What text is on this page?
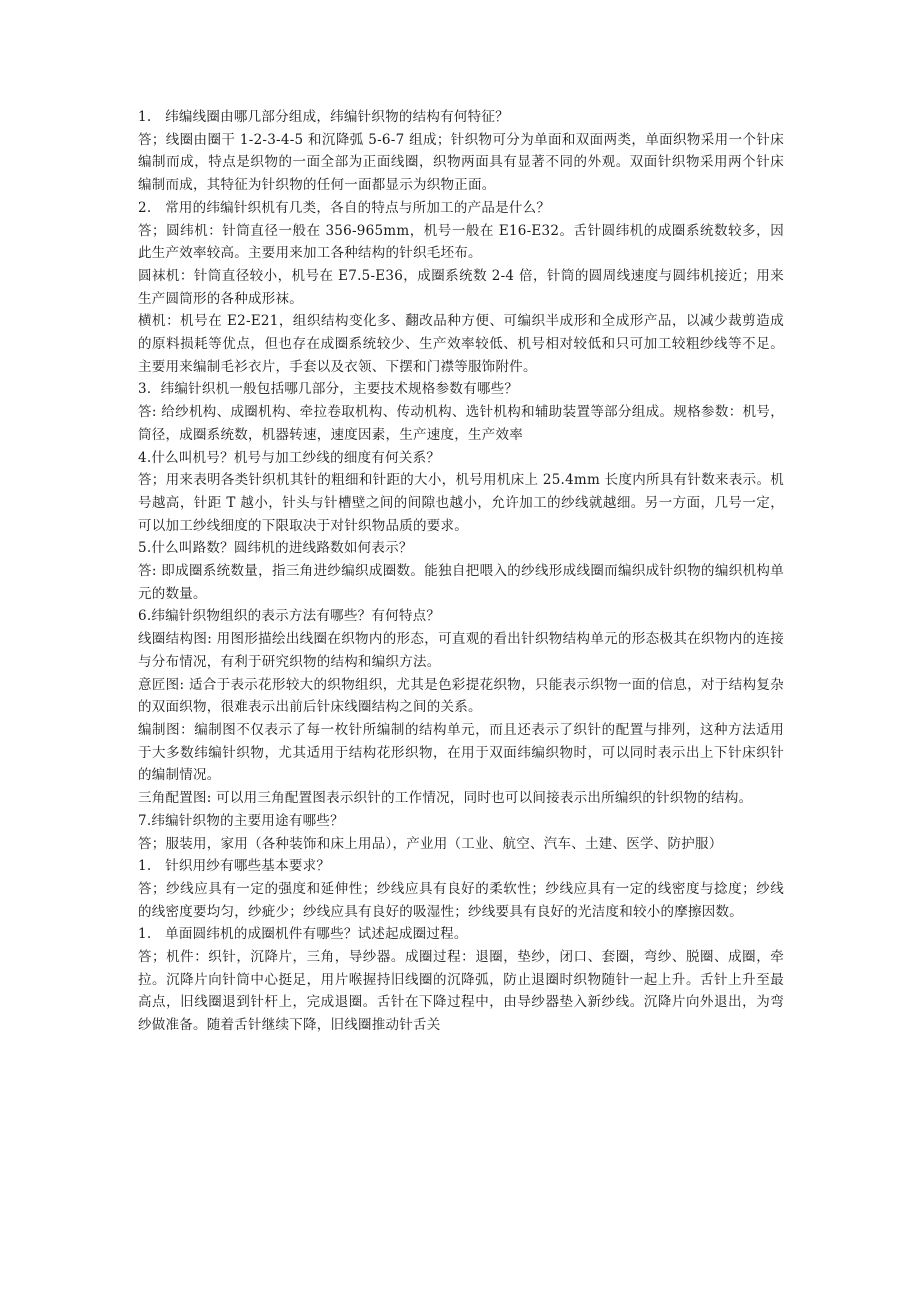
1.　纬编线圈由哪几部分组成，纬编针织物的结构有何特征？

答；线圈由圈干 1-2-3-4-5 和沉降弧 5-6-7 组成；针织物可分为单面和双面两类，单面织物采用一个针床编制而成，特点是织物的一面全部为正面线圈，织物两面具有显著不同的外观。双面针织物采用两个针床编制而成，其特征为针织物的任何一面都显示为织物正面。

2.　常用的纬编针织机有几类，各自的特点与所加工的产品是什么？

答；圆纬机：针筒直径一般在 356-965mm，机号一般在 E16-E32。舌针圆纬机的成圈系统数较多，因此生产效率较高。主要用来加工各种结构的针织毛坯布。

圆袜机：针筒直径较小，机号在 E7.5-E36，成圈系统数 2-4 倍，针筒的圆周线速度与圆纬机接近；用来生产圆筒形的各种成形袜。

横机：机号在 E2-E21，组织结构变化多、翻改品种方便、可编织半成形和全成形产品，以减少裁剪造成的原料损耗等优点，但也存在成圈系统较少、生产效率较低、机号相对较低和只可加工较粗纱线等不足。主要用来编制毛衫衣片，手套以及衣领、下摆和门襟等服饰附件。

3．纬编针织机一般包括哪几部分，主要技术规格参数有哪些？

答: 给纱机构、成圈机构、牵拉卷取机构、传动机构、选针机构和辅助装置等部分组成。规格参数：机号，筒径，成圈系统数，机器转速，速度因素，生产速度，生产效率

4.什么叫机号？机号与加工纱线的细度有何关系？

答；用来表明各类针织机其针的粗细和针距的大小，机号用机床上 25.4mm 长度内所具有针数来表示。机号越高，针距 T 越小，针头与针槽壁之间的间隙也越小，允许加工的纱线就越细。另一方面，几号一定，可以加工纱线细度的下限取决于对针织物品质的要求。

5.什么叫路数？圆纬机的进线路数如何表示？

答: 即成圈系统数量，指三角进纱编织成圈数。能独自把喂入的纱线形成线圈而编织成针织物的编织机构单元的数量。

6.纬编针织物组织的表示方法有哪些？有何特点？

线圈结构图: 用图形描绘出线圈在织物内的形态，可直观的看出针织物结构单元的形态极其在织物内的连接与分布情况，有利于研究织物的结构和编织方法。

意匠图: 适合于表示花形较大的织物组织，尤其是色彩提花织物，只能表示织物一面的信息，对于结构复杂的双面织物，很难表示出前后针床线圈结构之间的关系。

编制图：编制图不仅表示了每一枚针所编制的结构单元，而且还表示了织针的配置与排列，这种方法适用于大多数纬编针织物，尤其适用于结构花形织物，在用于双面纬编织物时，可以同时表示出上下针床织针的编制情况。

三角配置图: 可以用三角配置图表示织针的工作情况，同时也可以间接表示出所编织的针织物的结构。

7.纬编针织物的主要用途有哪些？

答；服装用，家用（各种装饰和床上用品），产业用（工业、航空、汽车、土建、医学、防护服）

1.　针织用纱有哪些基本要求？

答；纱线应具有一定的强度和延伸性；纱线应具有良好的柔软性；纱线应具有一定的线密度与捻度；纱线的线密度要均匀，纱疵少；纱线应具有良好的吸湿性；纱线要具有良好的光洁度和较小的摩擦因数。

1.　单面圆纬机的成圈机件有哪些？试述起成圈过程。

答；机件：织针，沉降片，三角，导纱器。成圈过程：退圈，垫纱，闭口、套圈，弯纱、脱圈、成圈，牵拉。沉降片向针筒中心挺足，用片喉握持旧线圈的沉降弧，防止退圈时织物随针一起上升。舌针上升至最高点，旧线圈退到针杆上，完成退圈。舌针在下降过程中，由导纱器垫入新纱线。沉降片向外退出，为弯纱做准备。随着舌针继续下降，旧线圈推动针舌关
